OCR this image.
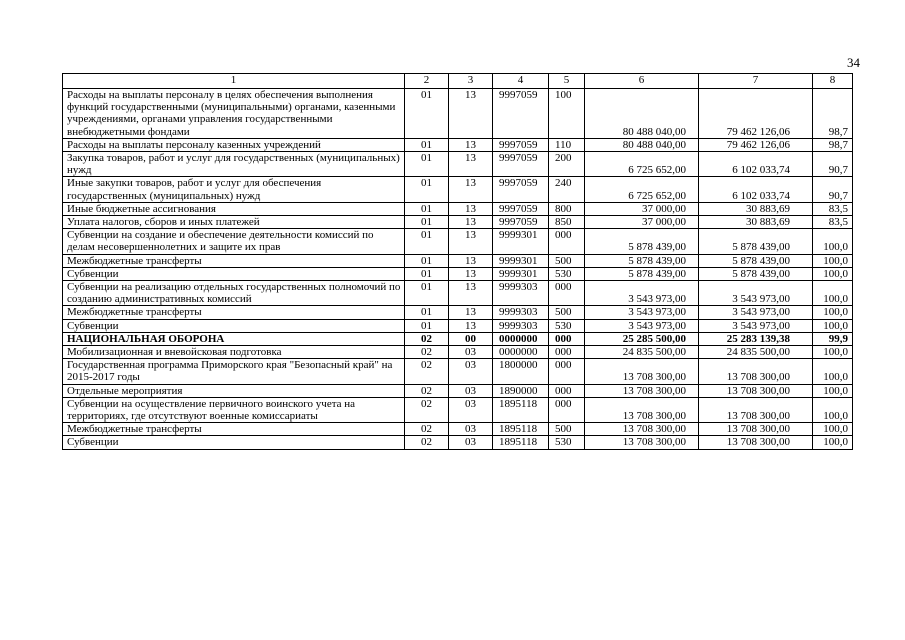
34
1	2	3	4	5	6	7	8
Расходы на выплаты персоналу в целях обеспечения выполнения функций государственными (муниципальными) органами, казенными учреждениями, органами управления государственными внебюджетными фондами	01	13	9997059	100	80 488 040,00	79 462 126,06	98,7
Расходы на выплаты персоналу казенных учреждений	01	13	9997059	110	80 488 040,00	79 462 126,06	98,7
Закупка товаров, работ и услуг для государственных (муниципальных) нужд	01	13	9997059	200	6 725 652,00	6 102 033,74	90,7
Иные закупки товаров, работ и услуг для обеспечения государственных (муниципальных) нужд	01	13	9997059	240	6 725 652,00	6 102 033,74	90,7
Иные бюджетные ассигнования	01	13	9997059	800	37 000,00	30 883,69	83,5
Уплата налогов, сборов и иных платежей	01	13	9997059	850	37 000,00	30 883,69	83,5
Субвенции на создание и обеспечение деятельности комиссий по делам несовершеннолетних и защите их прав	01	13	9999301	000	5 878 439,00	5 878 439,00	100,0
Межбюджетные трансферты	01	13	9999301	500	5 878 439,00	5 878 439,00	100,0
Субвенции	01	13	9999301	530	5 878 439,00	5 878 439,00	100,0
Субвенции на реализацию отдельных государственных полномочий по созданию административных комиссий	01	13	9999303	000	3 543 973,00	3 543 973,00	100,0
Межбюджетные трансферты	01	13	9999303	500	3 543 973,00	3 543 973,00	100,0
Субвенции	01	13	9999303	530	3 543 973,00	3 543 973,00	100,0
НАЦИОНАЛЬНАЯ ОБОРОНА	02	00	0000000	000	25 285 500,00	25 283 139,38	99,9
Мобилизационная и вневойсковая подготовка	02	03	0000000	000	24 835 500,00	24 835 500,00	100,0
Государственная программа Приморского края "Безопасный край" на 2015-2017 годы	02	03	1800000	000	13 708 300,00	13 708 300,00	100,0
Отдельные мероприятия	02	03	1890000	000	13 708 300,00	13 708 300,00	100,0
Субвенции на осуществление первичного воинского учета на территориях, где отсутствуют военные комиссариаты	02	03	1895118	000	13 708 300,00	13 708 300,00	100,0
Межбюджетные трансферты	02	03	1895118	500	13 708 300,00	13 708 300,00	100,0
Субвенции	02	03	1895118	530	13 708 300,00	13 708 300,00	100,0
